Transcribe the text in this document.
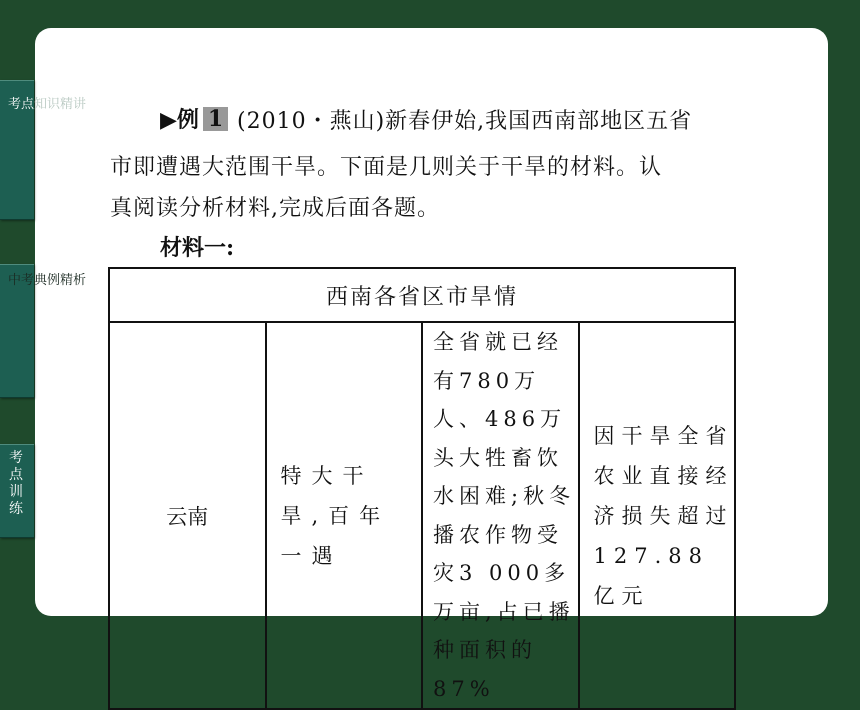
考点知识精讲
中考典例精析
考点训练
▶例 1 (2010・燕山)新春伊始,我国西南部地区五省
市即遭遇大范围干旱。下面是几则关于干旱的材料。认
真阅读分析材料,完成后面各题。
材料一:
西南各省区市旱情
云南	特大干旱,百年一遇	全省就已经有780万人、486万头大牲畜饮水困难;秋冬播农作物受灾3 000多万亩,占已播种面积的87%	因干旱全省农业直接经济损失超过127.88亿元
